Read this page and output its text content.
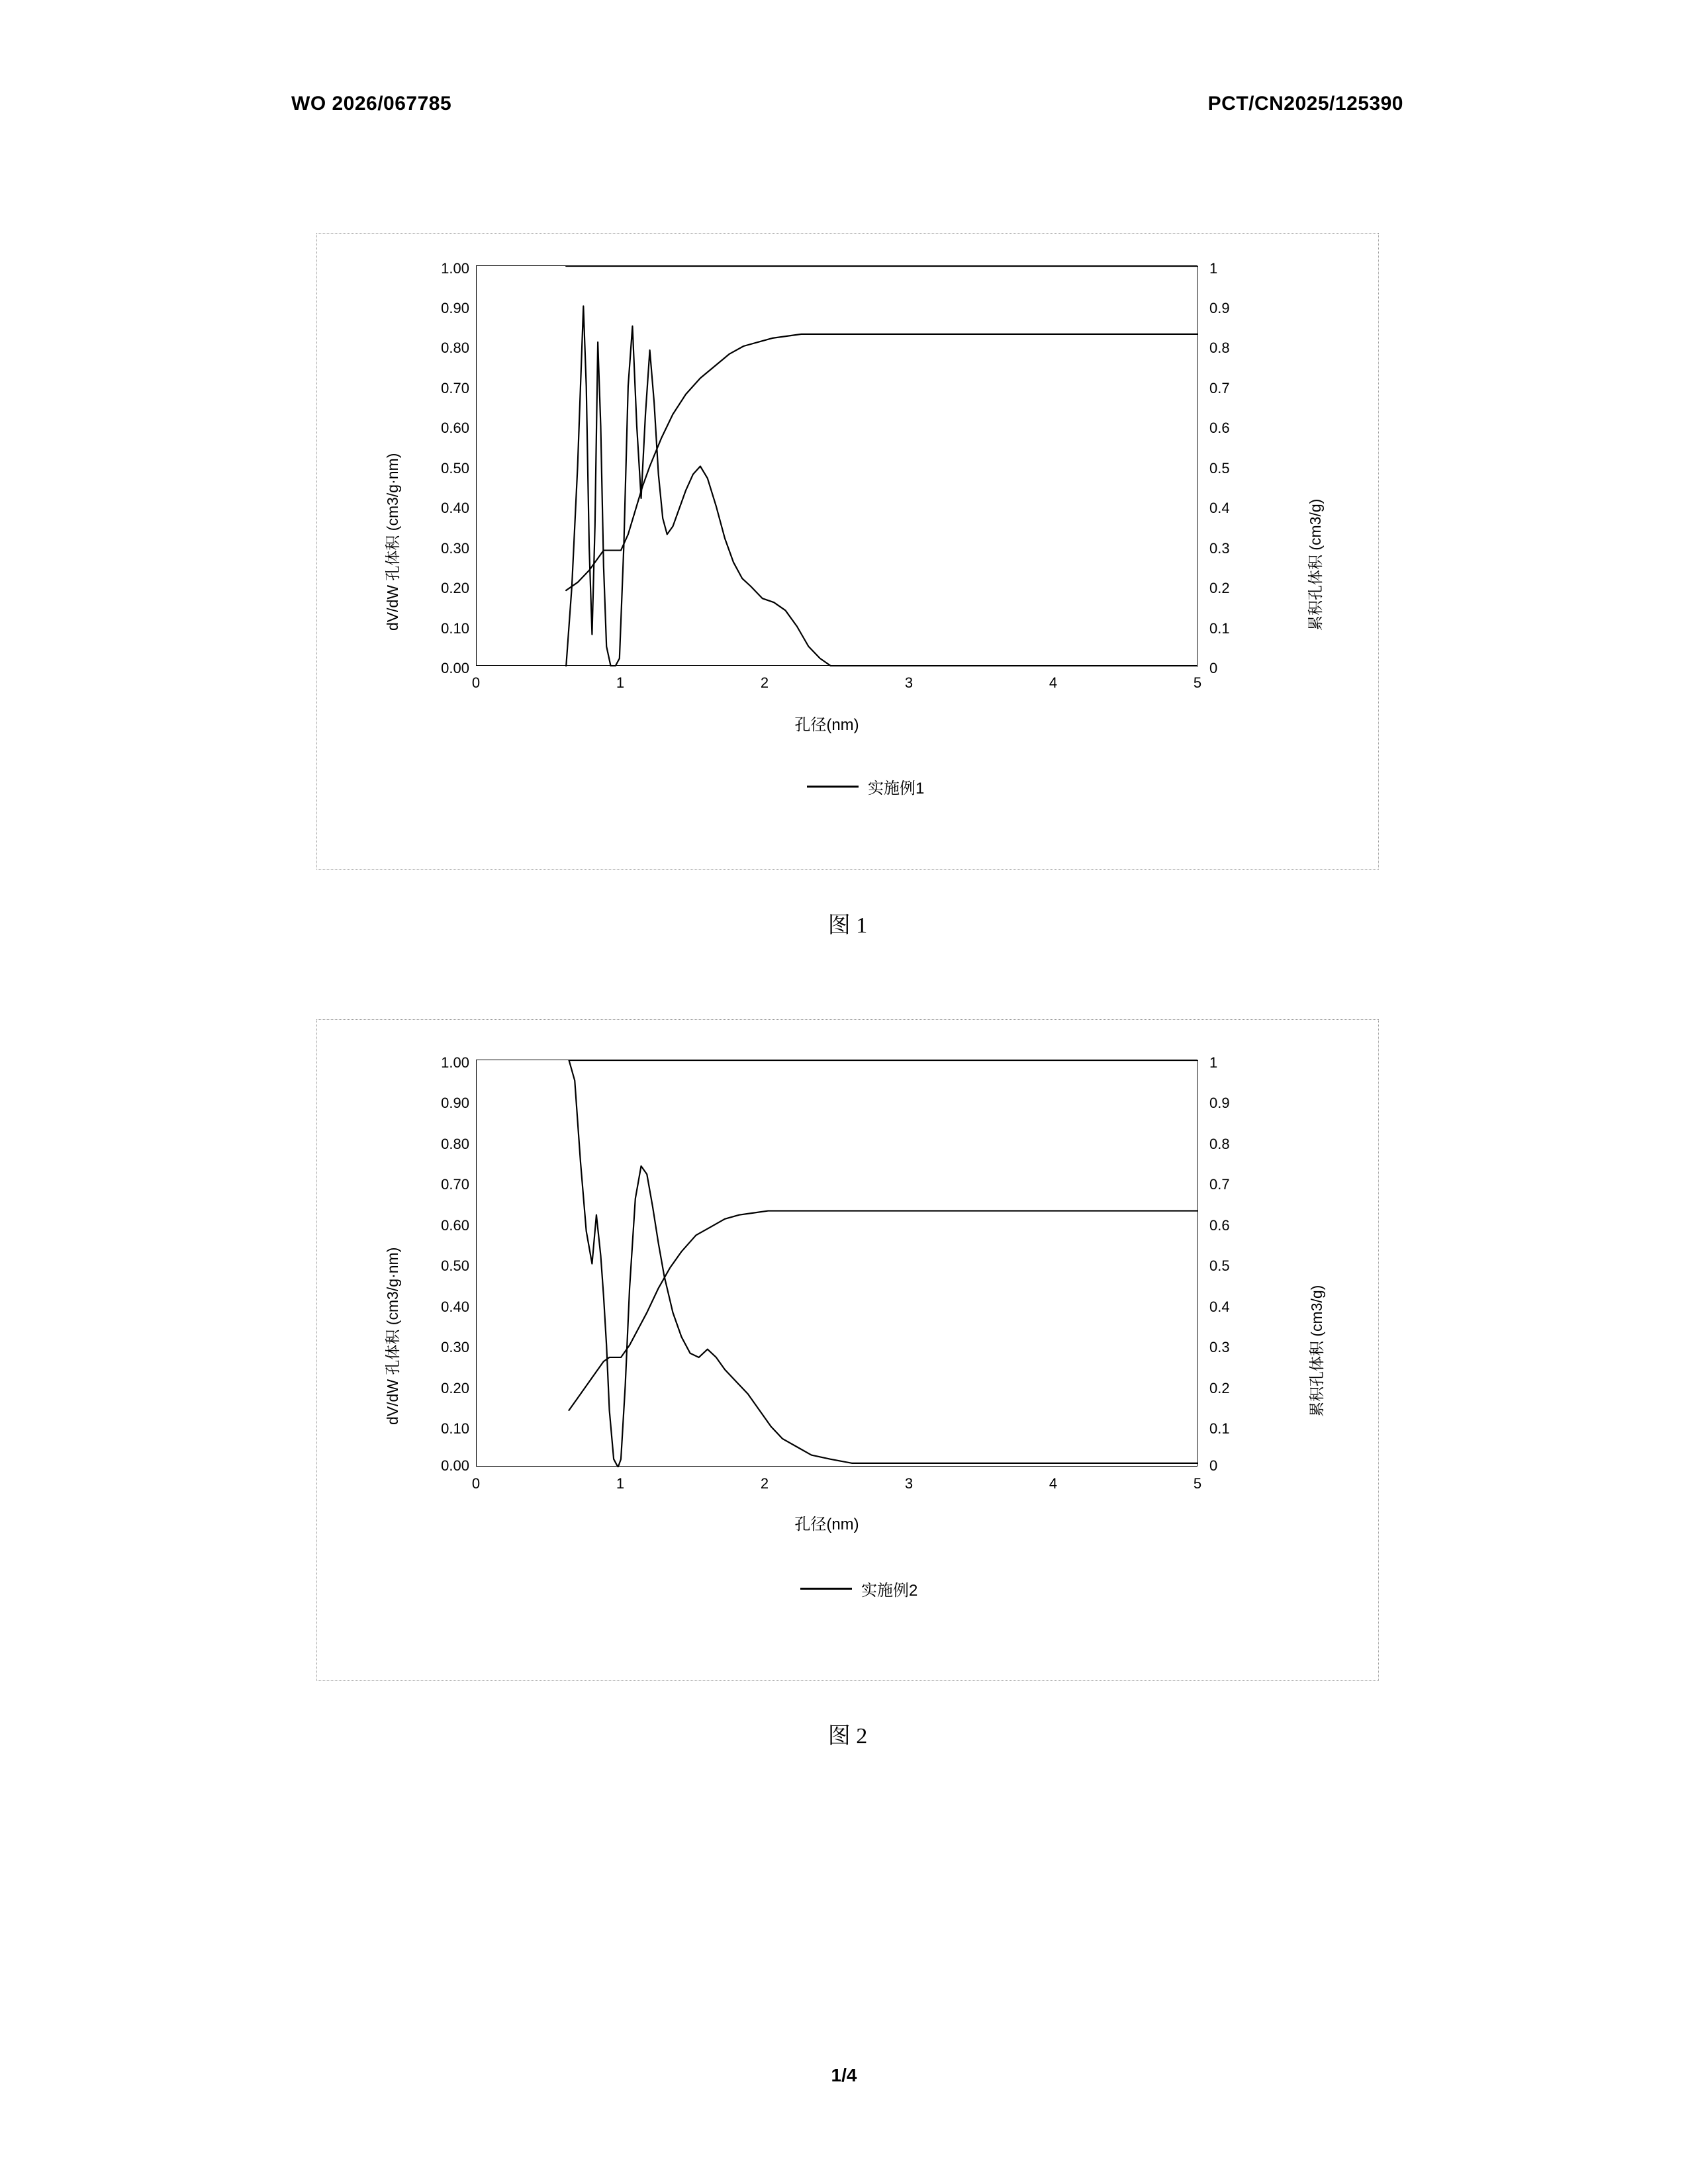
WO 2026/067785	PCT/CN2025/125390
dV/dW 孔体积 (cm3/g·nm)	累积孔体积 (cm3/g)
1.00
0.90
0.80
0.70
0.60
0.50
0.40
0.30
0.20
0.10
0.00
1
0.9
0.8
0.7
0.6
0.5
0.4
0.3
0.2
0.1
0
0	1	2	3	4	5
孔径(nm)
实施例1
图 1
dV/dW 孔体积 (cm3/g·nm)	累积孔体积 (cm3/g)
1.00
0.90
0.80
0.70
0.60
0.50
0.40
0.30
0.20
0.10
0.00
1
0.9
0.8
0.7
0.6
0.5
0.4
0.3
0.2
0.1
0
0	1	2	3	4	5
孔径(nm)
实施例2
图 2
1/4
